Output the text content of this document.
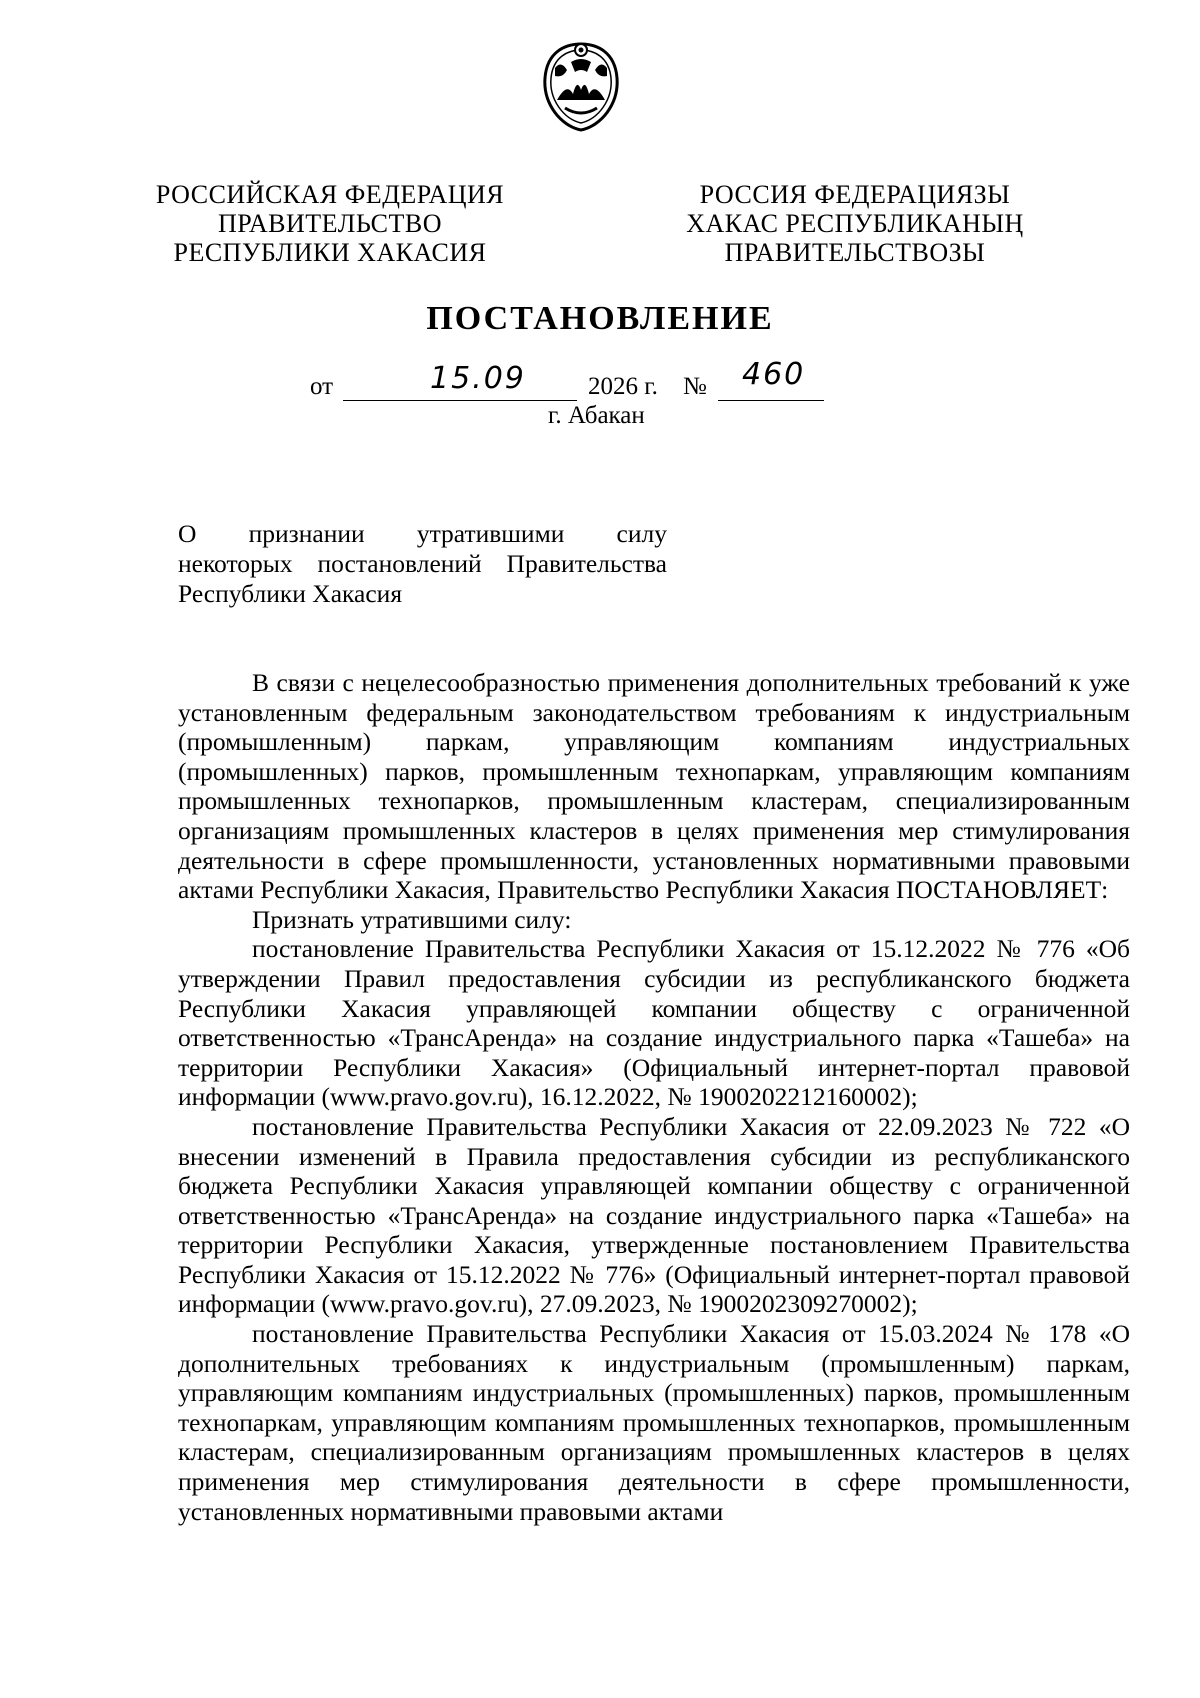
РОССИЙСКАЯ ФЕДЕРАЦИЯ
ПРАВИТЕЛЬСТВО
РЕСПУБЛИКИ ХАКАСИЯ
РОССИЯ ФЕДЕРАЦИЯЗЫ
ХАКАС РЕСПУБЛИКАНЫҢ
ПРАВИТЕЛЬСТВОЗЫ
ПОСТАНОВЛЕНИЕ
от	15.09 2026 г. № 460
г. Абакан
О признании утратившими силу
некоторых постановлений Правительства
Республики Хакасия

В связи с нецелесообразностью применения дополнительных требований к уже установленным федеральным законодательством требованиям к индустриальным (промышленным) паркам, управляющим компаниям индустриальных (промышленных) парков, промышленным технопаркам, управляющим компаниям промышленных технопарков, промышленным кластерам, специализированным организациям промышленных кластеров в целях применения мер стимулирования деятельности в сфере промышленности, установленных нормативными правовыми актами Республики Хакасия, Правительство Республики Хакасия ПОСТАНОВЛЯЕТ:

Признать утратившими силу:

постановление Правительства Республики Хакасия от 15.12.2022 № 776 «Об утверждении Правил предоставления субсидии из республиканского бюджета Республики Хакасия управляющей компании обществу с ограниченной ответственностью «ТрансАренда» на создание индустриального парка «Ташеба» на территории Республики Хакасия» (Официальный интернет-портал правовой информации (www.pravo.gov.ru), 16.12.2022, № 1900202212160002);

постановление Правительства Республики Хакасия от 22.09.2023 № 722 «О внесении изменений в Правила предоставления субсидии из республиканского бюджета Республики Хакасия управляющей компании обществу с ограниченной ответственностью «ТрансАренда» на создание индустриального парка «Ташеба» на территории Республики Хакасия, утвержденные постановлением Правительства Республики Хакасия от 15.12.2022 № 776» (Официальный интернет-портал правовой информации (www.pravo.gov.ru), 27.09.2023, № 1900202309270002);

постановление Правительства Республики Хакасия от 15.03.2024 № 178 «О дополнительных требованиях к индустриальным (промышленным) паркам, управляющим компаниям индустриальных (промышленных) парков, промышленным технопаркам, управляющим компаниям промышленных технопарков, промышленным кластерам, специализированным организациям промышленных кластеров в целях применения мер стимулирования деятельности в сфере промышленности, установленных нормативными правовыми актами
